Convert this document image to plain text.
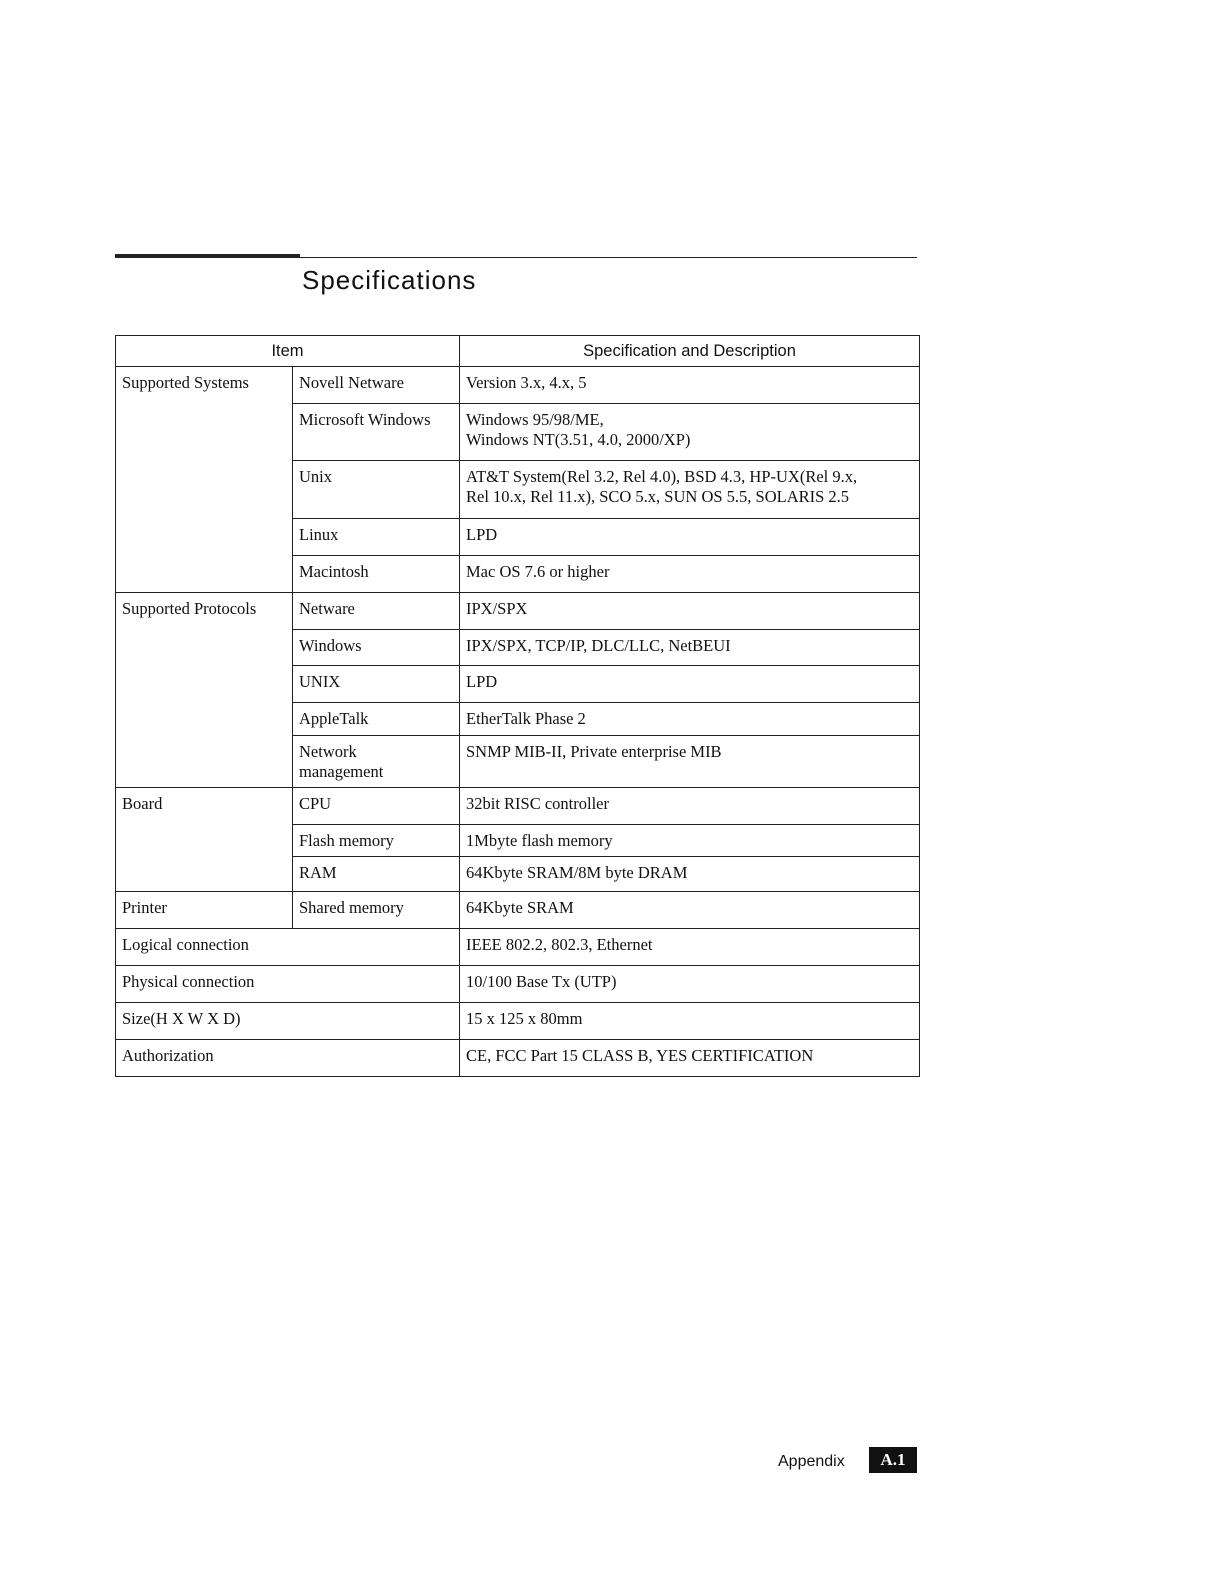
Specifications
Item		Specification and Description
Supported Systems	Novell Netware	Version 3.x, 4.x, 5

	Microsoft Windows	Windows 95/98/ME,
Windows NT(3.51, 4.0, 2000/XP)

	Unix	AT&T System(Rel 3.2, Rel 4.0), BSD 4.3, HP-UX(Rel 9.x,
Rel 10.x, Rel 11.x), SCO 5.x, SUN OS 5.5, SOLARIS 2.5

	Linux	LPD

	Macintosh	Mac OS 7.6 or higher

Supported Protocols	Netware	IPX/SPX

	Windows	IPX/SPX, TCP/IP, DLC/LLC, NetBEUI

	UNIX	LPD

	AppleTalk	EtherTalk Phase 2

	Network
management	SNMP MIB-II, Private enterprise MIB

Board	CPU	32bit RISC controller

	Flash memory	1Mbyte flash memory

	RAM	64Kbyte SRAM/8M byte DRAM

Printer	Shared memory	64Kbyte SRAM

Logical connection		IEEE 802.2, 802.3, Ethernet

Physical connection		10/100 Base Tx (UTP)

Size(H X W X D)		15 x 125 x 80mm

Authorization		CE, FCC Part 15 CLASS B, YES CERTIFICATION
Appendix	A.1
